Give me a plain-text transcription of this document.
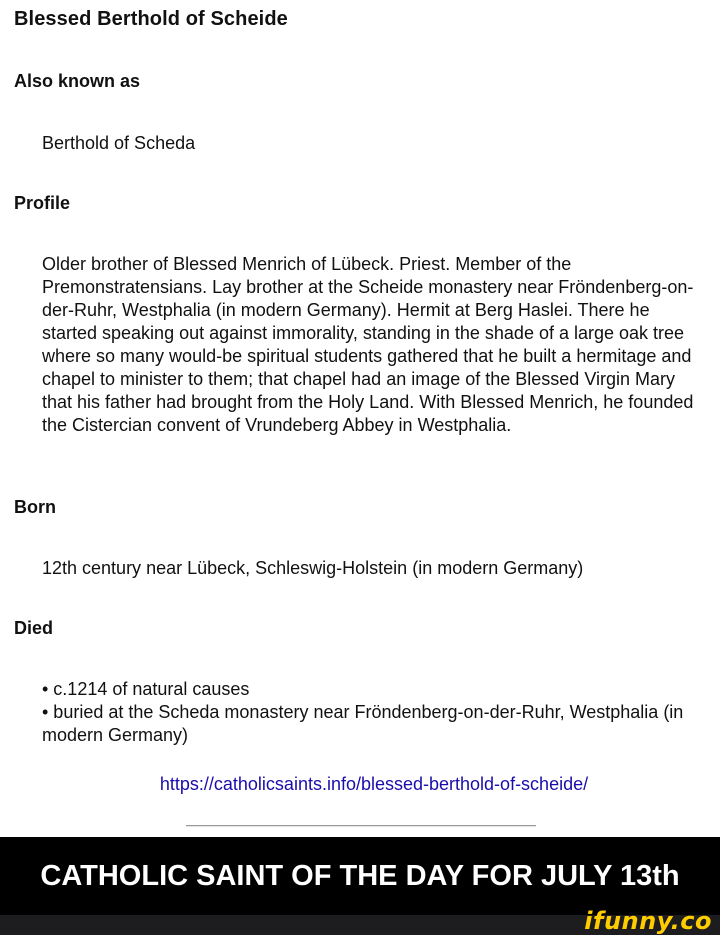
Blessed Berthold of Scheide
Also known as
Berthold of Scheda
Profile
Older brother of Blessed Menrich of Lübeck. Priest. Member of the Premonstratensians. Lay brother at the Scheide monastery near Fröndenberg-on-der-Ruhr, Westphalia (in modern Germany). Hermit at Berg Haslei. There he started speaking out against immorality, standing in the shade of a large oak tree where so many would-be spiritual students gathered that he built a hermitage and chapel to minister to them; that chapel had an image of the Blessed Virgin Mary that his father had brought from the Holy Land. With Blessed Menrich, he founded the Cistercian convent of Vrundeberg Abbey in Westphalia.
Born
12th century near Lübeck, Schleswig-Holstein (in modern Germany)
Died

• c.1214 of natural causes

• buried at the Scheda monastery near Fröndenberg-on-der-Ruhr, Westphalia (in modern Germany)

https://catholicsaints.info/blessed-berthold-of-scheide/
CATHOLIC SAINT OF THE DAY FOR JULY 13th
ifunny.co
